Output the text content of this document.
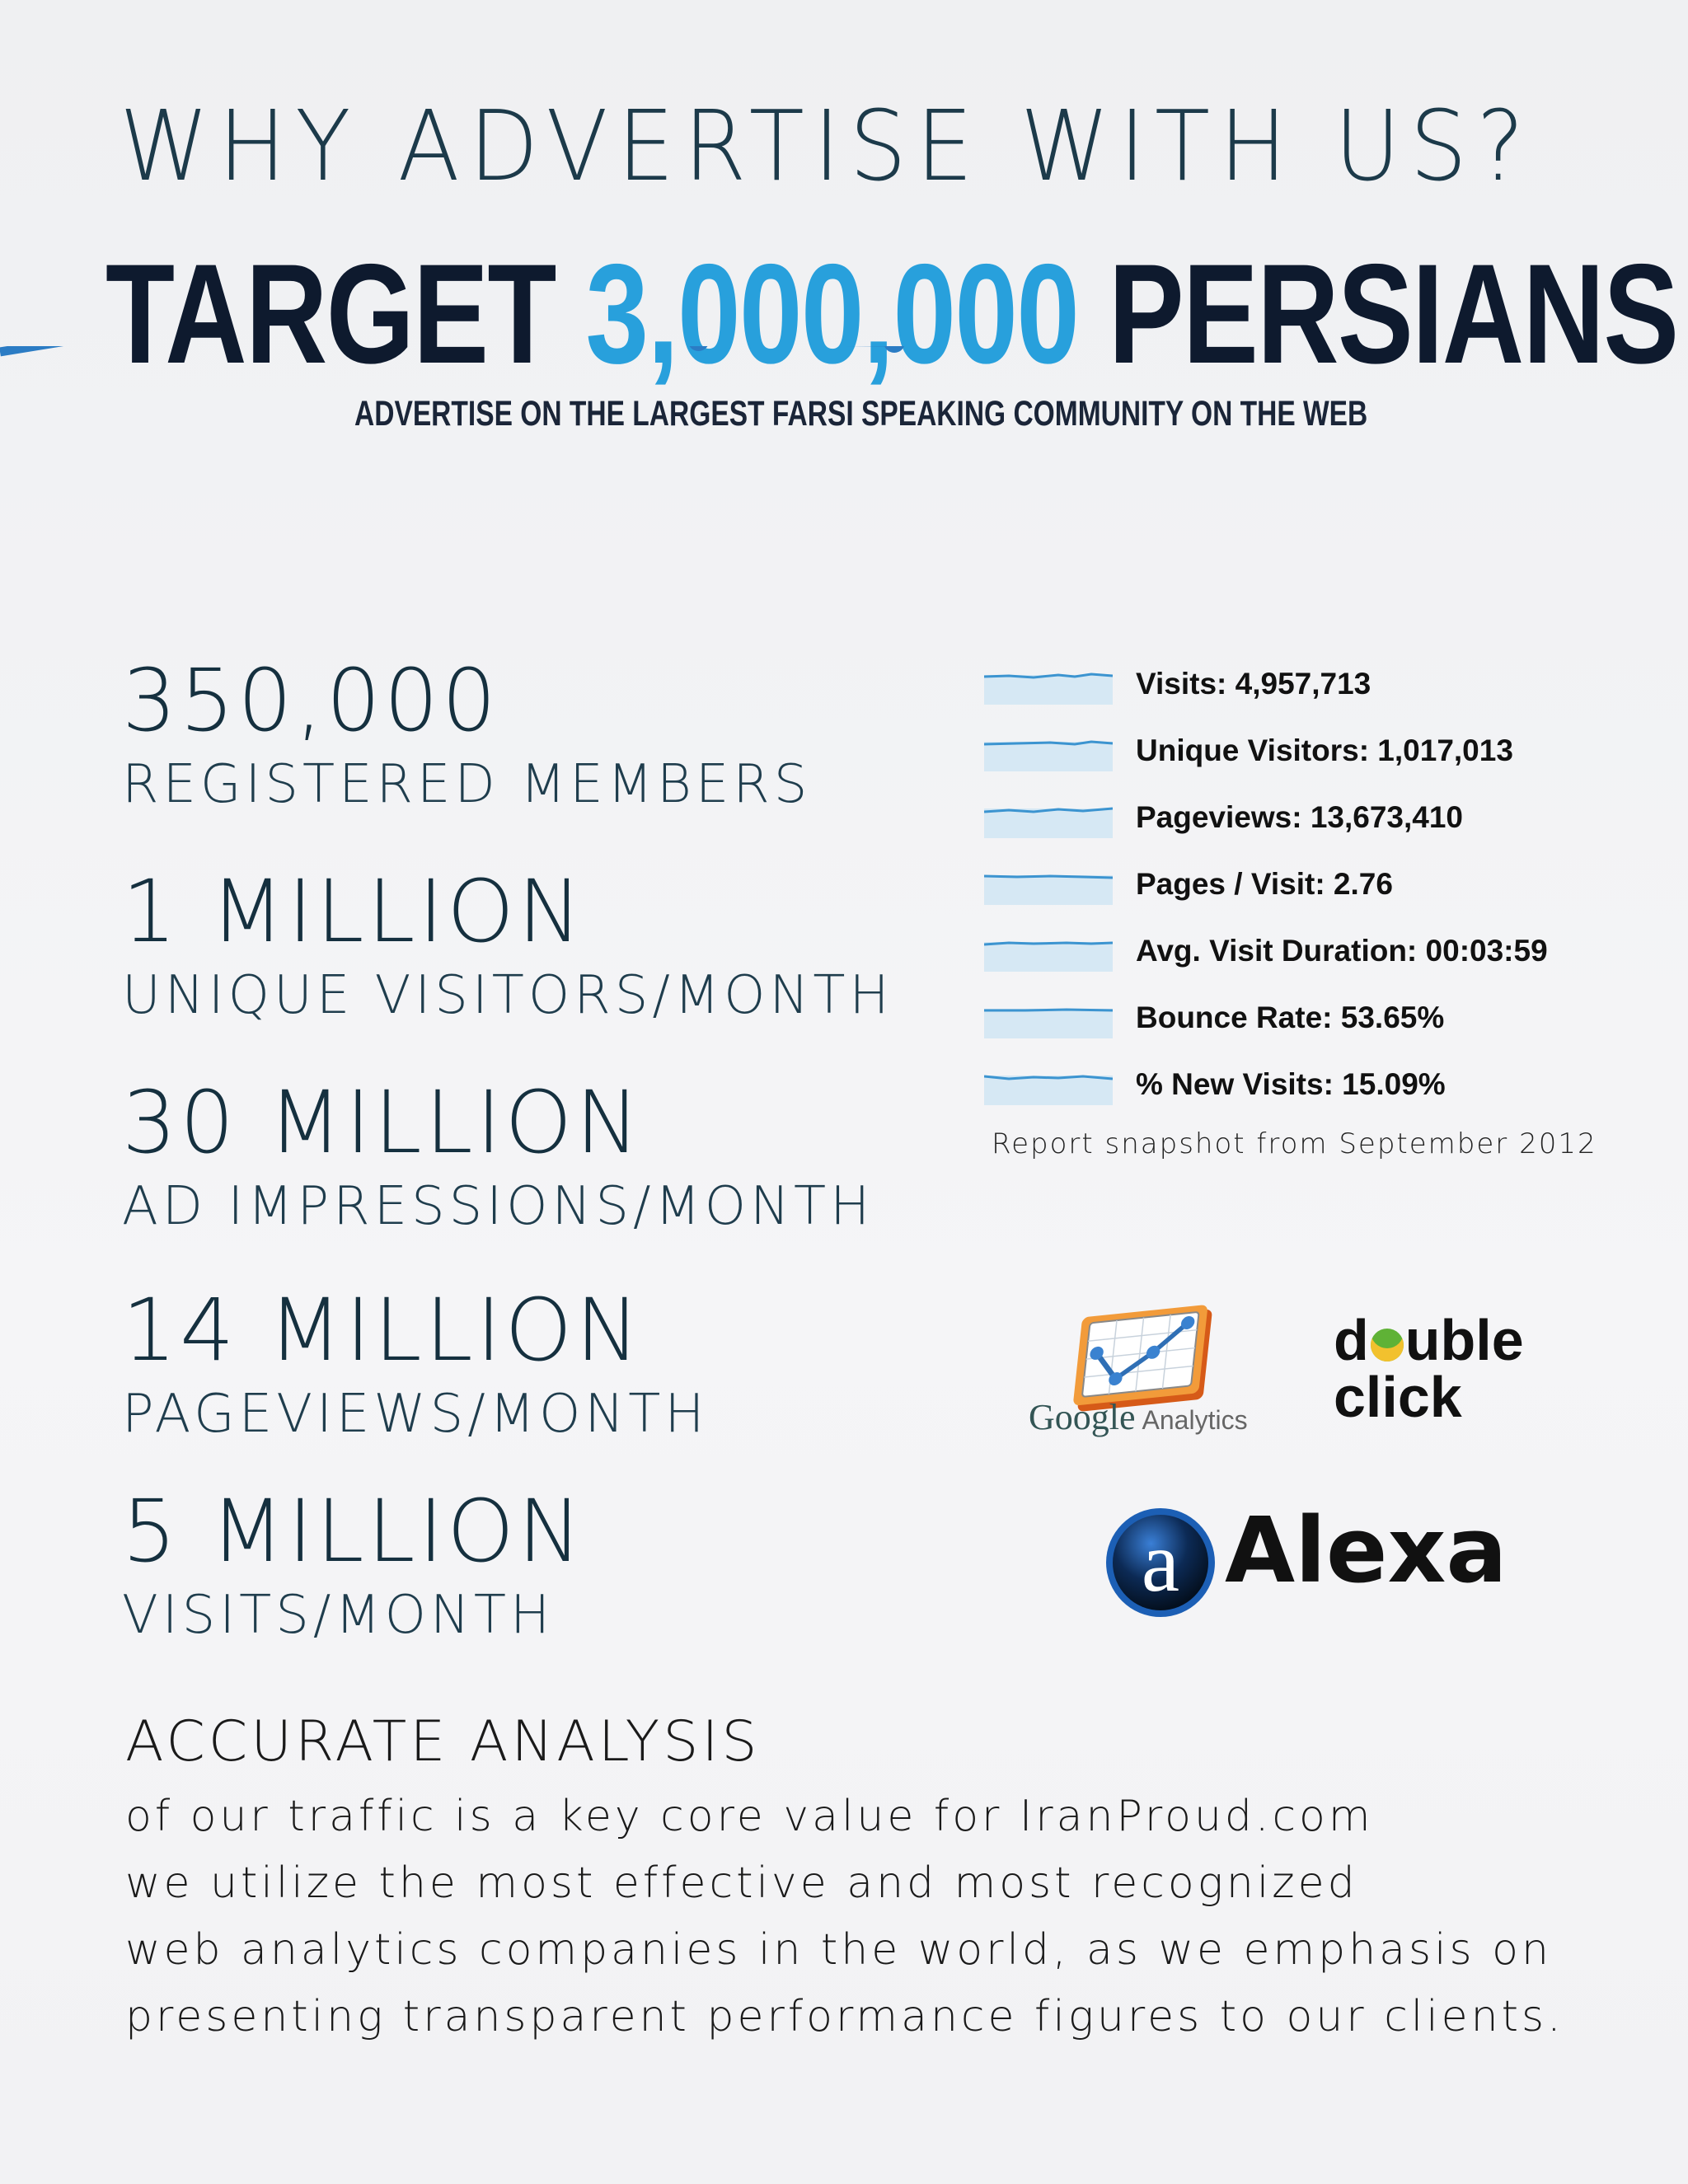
WHY ADVERTISE WITH US?
TARGET 3,000,000 PERSIANS
ADVERTISE ON THE LARGEST FARSI SPEAKING COMMUNITY ON THE WEB
350,000
REGISTERED MEMBERS
1 MILLION
UNIQUE VISITORS/MONTH
30 MILLION
AD IMPRESSIONS/MONTH
14 MILLION
PAGEVIEWS/MONTH
5 MILLION
VISITS/MONTH
Visits: 4,957,713
Unique Visitors: 1,017,013
Pageviews: 13,673,410
Pages / Visit: 2.76
Avg. Visit Duration: 00:03:59
Bounce Rate: 53.65%
% New Visits: 15.09%
Report snapshot from September 2012
Google Analytics
d uble
click
a Alexa
ACCURATE ANALYSIS
of our traffic is a key core value for IranProud.com
we utilize the most effective and most recognized
web analytics companies in the world, as we emphasis on
presenting transparent performance figures to our clients.
